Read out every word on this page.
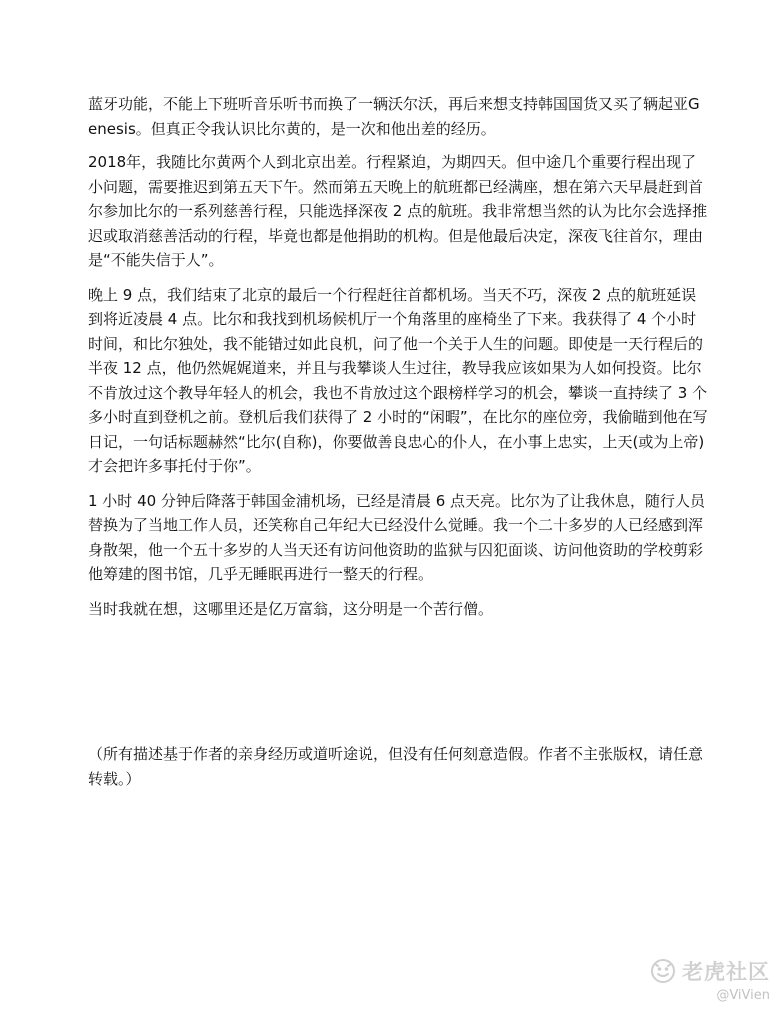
蓝牙功能，不能上下班听音乐听书而换了一辆沃尔沃，再后来想支持韩国国货又买了辆起亚Genesis。但真正令我认识比尔黄的，是一次和他出差的经历。

2018年，我随比尔黄两个人到北京出差。行程紧迫，为期四天。但中途几个重要行程出现了小问题，需要推迟到第五天下午。然而第五天晚上的航班都已经满座，想在第六天早晨赶到首尔参加比尔的一系列慈善行程，只能选择深夜 2 点的航班。我非常想当然的认为比尔会选择推迟或取消慈善活动的行程，毕竟也都是他捐助的机构。但是他最后决定，深夜飞往首尔，理由是“不能失信于人”。

晚上 9 点，我们结束了北京的最后一个行程赶往首都机场。当天不巧，深夜 2 点的航班延误到将近凌晨 4 点。比尔和我找到机场候机厅一个角落里的座椅坐了下来。我获得了 4 个小时时间，和比尔独处，我不能错过如此良机，问了他一个关于人生的问题。即使是一天行程后的半夜 12 点，他仍然娓娓道来，并且与我攀谈人生过往，教导我应该如果为人如何投资。比尔不肯放过这个教导年轻人的机会，我也不肯放过这个跟榜样学习的机会，攀谈一直持续了 3 个多小时直到登机之前。登机后我们获得了 2 小时的“闲暇”，在比尔的座位旁，我偷瞄到他在写日记，一句话标题赫然“比尔(自称)，你要做善良忠心的仆人，在小事上忠实，上天(或为上帝)才会把许多事托付于你”。

1 小时 40 分钟后降落于韩国金浦机场，已经是清晨 6 点天亮。比尔为了让我休息，随行人员替换为了当地工作人员，还笑称自己年纪大已经没什么觉睡。我一个二十多岁的人已经感到浑身散架，他一个五十多岁的人当天还有访问他资助的监狱与囚犯面谈、访问他资助的学校剪彩他筹建的图书馆，几乎无睡眠再进行一整天的行程。

当时我就在想，这哪里还是亿万富翁，这分明是一个苦行僧。

（所有描述基于作者的亲身经历或道听途说，但没有任何刻意造假。作者不主张版权，请任意转载。）

老虎社区
@ViVien
